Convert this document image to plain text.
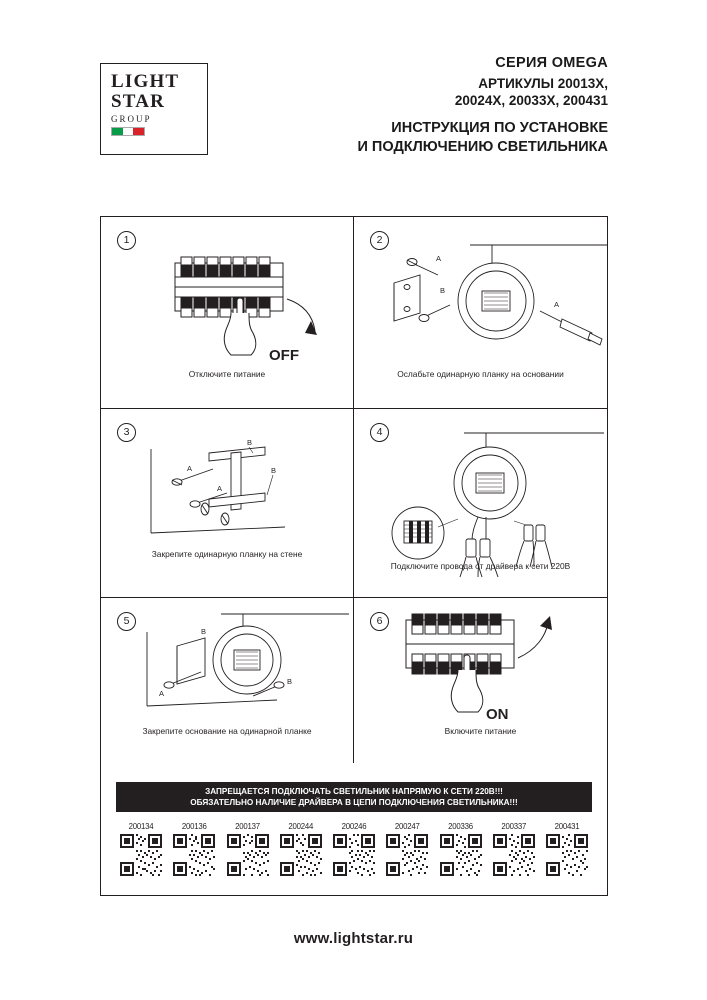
LIGHT
STAR
GROUP
СЕРИЯ OMEGA
АРТИКУЛЫ 20013Х,
20024Х, 20033Х, 200431
ИНСТРУКЦИЯ ПО УСТАНОВКЕ
И ПОДКЛЮЧЕНИЮ СВЕТИЛЬНИКА
1
OFF
Отключите питание
2
A
B
A
Ослабьте одинарную планку на основании
3
A
A
B
B
Закрепите одинарную планку на стене
4
Подключите провода от драйвера к сети 220В
5
B
A
B
Закрепите основание на одинарной планке
6
ON
Включите питание
ЗАПРЕЩАЕТСЯ ПОДКЛЮЧАТЬ СВЕТИЛЬНИК НАПРЯМУЮ К СЕТИ 220В!!!
ОБЯЗАТЕЛЬНО НАЛИЧИЕ ДРАЙВЕРА В ЦЕПИ ПОДКЛЮЧЕНИЯ СВЕТИЛЬНИКА!!!
200134	200136	200137	200244	200246	200247	200336	200337	200431
www.lightstar.ru
